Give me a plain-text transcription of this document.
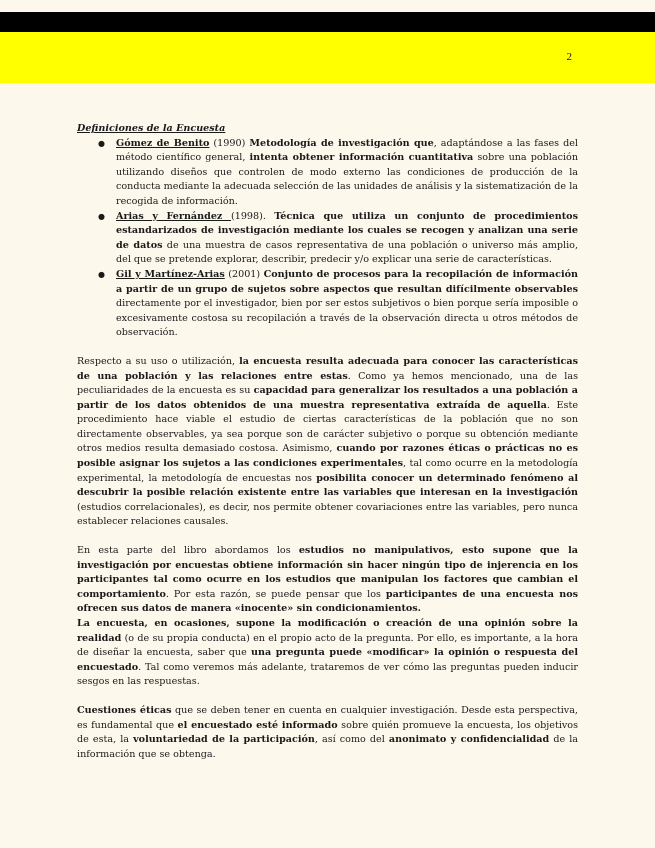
2

Definiciones de la Encuesta

● Gómez de Benito (1990) Metodología de investigación que, adaptándose a las fases del método científico general, intenta obtener información cuantitativa sobre una población utilizando diseños que controlen de modo externo las condiciones de producción de la conducta mediante la adecuada selección de las unidades de análisis y la sistematización de la recogida de información.
● Arias y Fernández (1998). Técnica que utiliza un conjunto de procedimientos estandarizados de investigación mediante los cuales se recogen y analizan una serie de datos de una muestra de casos representativa de una población o universo más amplio, del que se pretende explorar, describir, predecir y/o explicar una serie de características.
● Gil y Martínez-Arias (2001) Conjunto de procesos para la recopilación de información a partir de un grupo de sujetos sobre aspectos que resultan difícilmente observables directamente por el investigador, bien por ser estos subjetivos o bien porque sería imposible o excesivamente costosa su recopilación a través de la observación directa u otros métodos de observación.

Respecto a su uso o utilización, la encuesta resulta adecuada para conocer las características de una población y las relaciones entre estas. Como ya hemos mencionado, una de las peculiaridades de la encuesta es su capacidad para generalizar los resultados a una población a partir de los datos obtenidos de una muestra representativa extraída de aquella. Este procedimiento hace viable el estudio de ciertas características de la población que no son directamente observables, ya sea porque son de carácter subjetivo o porque su obtención mediante otros medios resulta demasiado costosa. Asimismo, cuando por razones éticas o prácticas no es posible asignar los sujetos a las condiciones experimentales, tal como ocurre en la metodología experimental, la metodología de encuestas nos posibilita conocer un determinado fenómeno al descubrir la posible relación existente entre las variables que interesan en la investigación (estudios correlacionales), es decir, nos permite obtener covariaciones entre las variables, pero nunca establecer relaciones causales.

En esta parte del libro abordamos los estudios no manipulativos, esto supone que la investigación por encuestas obtiene información sin hacer ningún tipo de injerencia en los participantes tal como ocurre en los estudios que manipulan los factores que cambian el comportamiento. Por esta razón, se puede pensar que los participantes de una encuesta nos ofrecen sus datos de manera «inocente» sin condicionamientos.

La encuesta, en ocasiones, supone la modificación o creación de una opinión sobre la realidad (o de su propia conducta) en el propio acto de la pregunta. Por ello, es importante, a la hora de diseñar la encuesta, saber que una pregunta puede «modificar» la opinión o respuesta del encuestado. Tal como veremos más adelante, trataremos de ver cómo las preguntas pueden inducir sesgos en las respuestas.

Cuestiones éticas que se deben tener en cuenta en cualquier investigación. Desde esta perspectiva, es fundamental que el encuestado esté informado sobre quién promueve la encuesta, los objetivos de esta, la voluntariedad de la participación, así como del anonimato y confidencialidad de la información que se obtenga.
